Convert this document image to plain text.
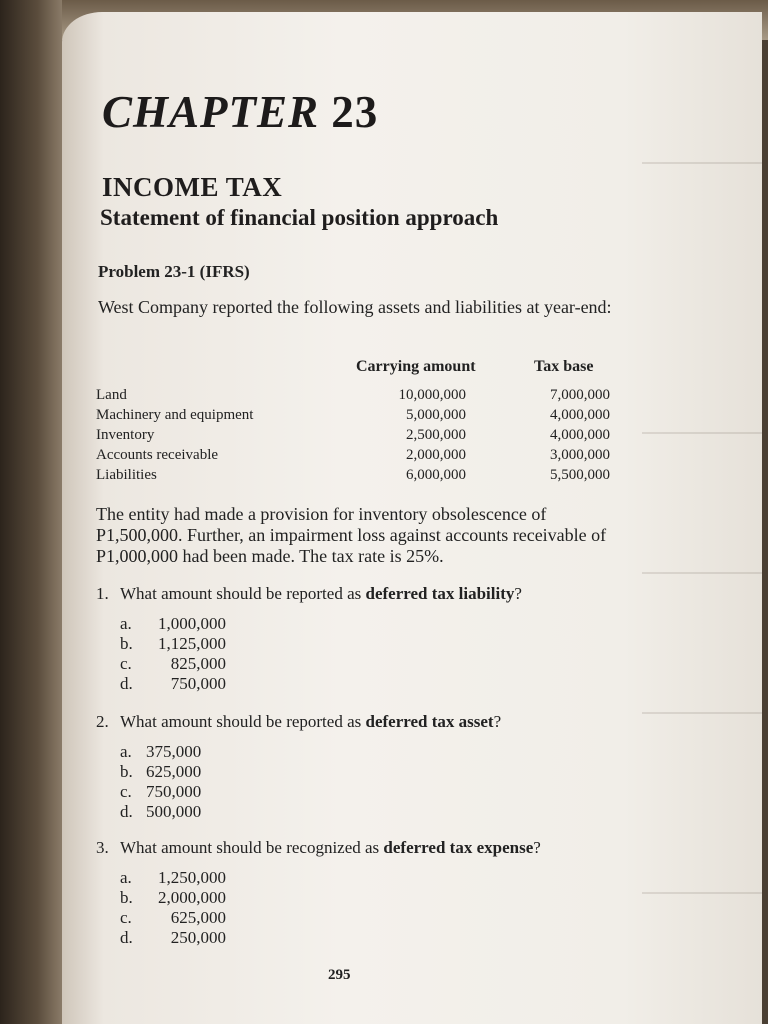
CHAPTER 23
INCOME TAX
Statement of financial position approach

Problem 23-1 (IFRS)

West Company reported the following assets and liabilities at year-end:

Carrying amount	Tax base
Land	10,000,000	7,000,000
Machinery and equipment	5,000,000	4,000,000
Inventory	2,500,000	4,000,000
Accounts receivable	2,000,000	3,000,000
Liabilities	6,000,000	5,500,000

The entity had made a provision for inventory obsolescence of P1,500,000. Further, an impairment loss against accounts receivable of P1,000,000 had been made. The tax rate is 25%.

1. What amount should be reported as deferred tax liability?

a.	1,000,000
b.	1,125,000
c.	825,000
d.	750,000

2. What amount should be reported as deferred tax asset?

a. 375,000
b. 625,000
c. 750,000
d. 500,000

3. What amount should be recognized as deferred tax expense?

a.	1,250,000
b.	2,000,000
c.	625,000
d.	250,000
295
